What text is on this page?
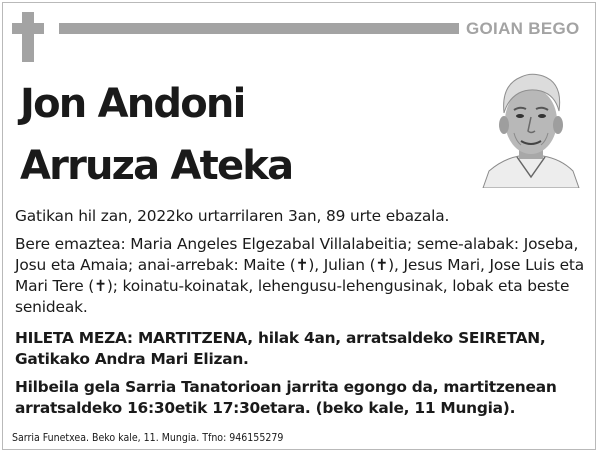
GOIAN BEGO
Jon Andoni
Arruza Ateka

Gatikan hil zan, 2022ko urtarrilaren 3an, 89 urte ebazala.

Bere emaztea: Maria Angeles Elgezabal Villalabeitia; seme-alabak: Joseba, Josu eta Amaia; anai-arrebak: Maite (✝), Julian (✝), Jesus Mari, Jose Luis eta Mari Tere (✝); koinatu-koinatak, lehengusu-lehengusinak, lobak eta beste senideak.

HILETA MEZA: MARTITZENA, hilak 4an, arratsaldeko SEIRETAN, Gatikako Andra Mari Elizan.

Hilbeila gela Sarria Tanatorioan jarrita egongo da, martitzenean arratsaldeko 16:30etik 17:30etara. (beko kale, 11 Mungia).

Sarria Funetxea. Beko kale, 11. Mungia. Tfno: 946155279
